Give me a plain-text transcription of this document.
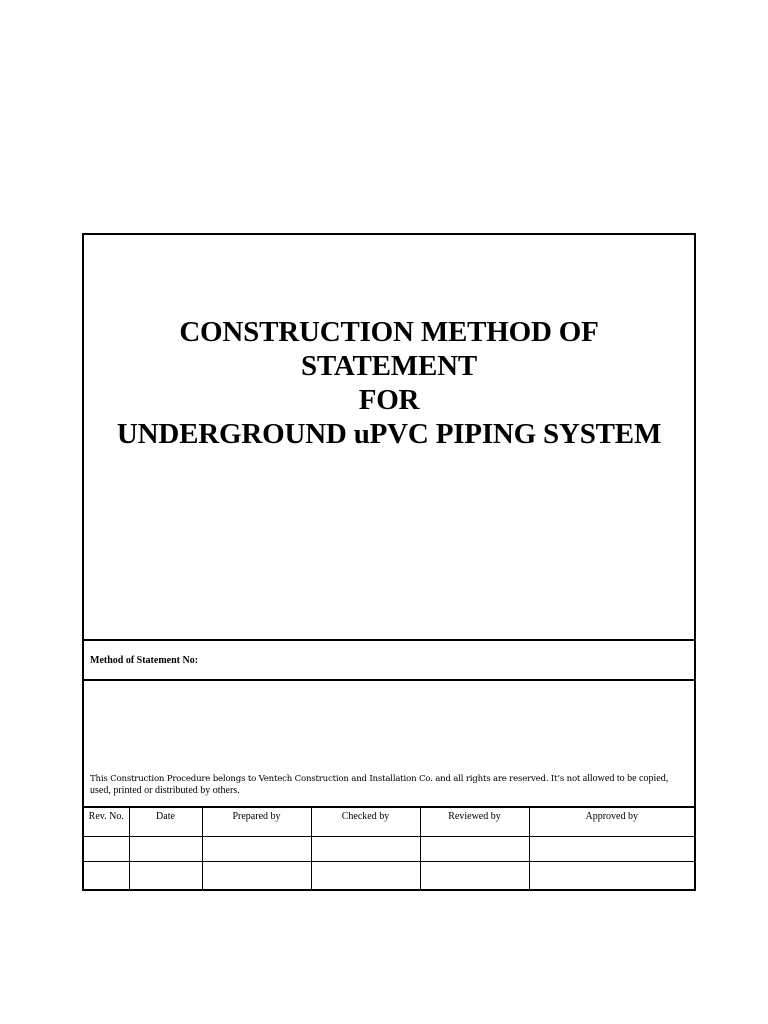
CONSTRUCTION METHOD OF
STATEMENT
FOR
UNDERGROUND uPVC PIPING SYSTEM
Method of Statement No:
This Construction Procedure belongs to Ventech Construction and Installation Co. and all rights are reserved. It’s not allowed to be copied, used, printed or distributed by others.
Rev. No.	Date	Prepared by	Checked by	Reviewed by	Approved by
